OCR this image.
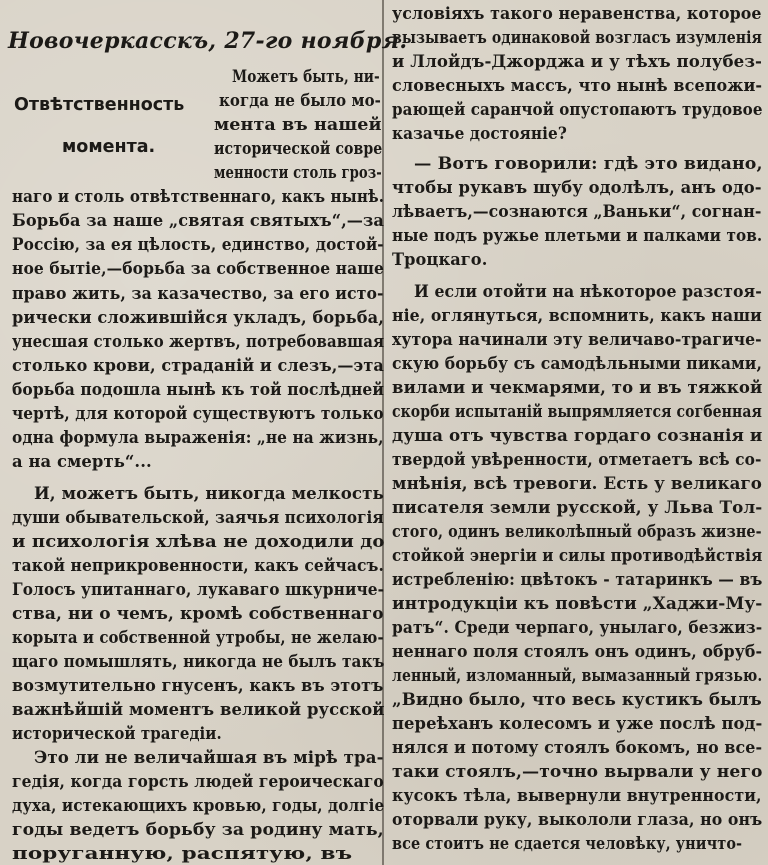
Можетъ быть, ни-
когда не было мо-
мента въ нашей
исторической совре
менности столь гроз-
наго и столь отвѣтственнаго, какъ нынѣ.
Борьба за наше „святая святыхъ“,—за
Россію, за ея цѣлость, единство, достой-
ное бытіе,—борьба за собственное наше
право жить, за казачество, за его исто-
рически сложившійся укладъ, борьба,
унесшая столько жертвъ, потребовавшая
столько крови, страданій и слезъ,—эта
борьба подошла нынѣ къ той послѣдней
чертѣ, для которой существуютъ только
одна формула выраженія: „не на жизнь,
а на смерть“...
И, можетъ быть, никогда мелкость
души обывательской, заячья психологія
и психологія хлѣва не доходили до
такой неприкровенности, какъ сейчасъ.
Голосъ упитаннаго, лукаваго шкурниче-
ства, ни о чемъ, кромѣ собственнаго
корыта и собственной утробы, не желаю-
щаго помышлять, никогда не былъ такъ
возмутительно гнусенъ, какъ въ этотъ
важнѣйшій моментъ великой русской
исторической трагедіи.
Это ли не величайшая въ мірѣ тра-
гедія, когда горсть людей героическаго
духа, истекающихъ кровью, годы, долгіе
годы ведетъ борьбу за родину мать,
поруганную, распятую, въ
условіяхъ такого неравенства, которое
вызываетъ одинаковой возгласъ изумленія
и Ллойдъ-Джорджа и у тѣхъ полубез-
словесныхъ массъ, что нынѣ всепожи-
рающей саранчой опустопаютъ трудовое
казачье достояніе?
— Вотъ говорили: гдѣ это видано,
чтобы рукавъ шубу одолѣлъ, анъ одо-
лѣваетъ,—сознаются „Ваньки“, согнан-
ные подъ ружье плетьми и палками тов.
Троцкаго.
И если отойти на нѣкоторое разстоя-
ніе, оглянуться, вспомнить, какъ наши
хутора начинали эту величаво-трагиче-
скую борьбу съ самодѣльными пиками,
вилами и чекмарями, то и въ тяжкой
скорби испытаній выпрямляется согбенная
душа отъ чувства гордаго сознанія и
твердой увѣренности, отметаетъ всѣ со-
мнѣнія, всѣ тревоги. Есть у великаго
писателя земли русской, у Льва Тол-
стого, одинъ великолѣпный образъ жизне-
стойкой энергіи и силы противодѣйствія
истребленію: цвѣтокъ - татаринкъ — въ
интродукціи къ повѣсти „Хаджи-Му-
ратъ“. Среди черпаго, унылаго, безжиз-
неннаго поля стоялъ онъ одинъ, обруб-
ленный, изломанный, вымазанный грязью.
„Видно было, что весь кустикъ былъ
переѣханъ колесомъ и уже послѣ под-
нялся и потому стоялъ бокомъ, но все-
таки стоялъ,—точно вырвали у него
кусокъ тѣла, вывернули внутренности,
оторвали руку, выкололи глаза, но онъ
все стоитъ не сдается человѣку, уничто-
Новочеркасскъ, 27-го ноября.
Отвѣтственность
момента.
